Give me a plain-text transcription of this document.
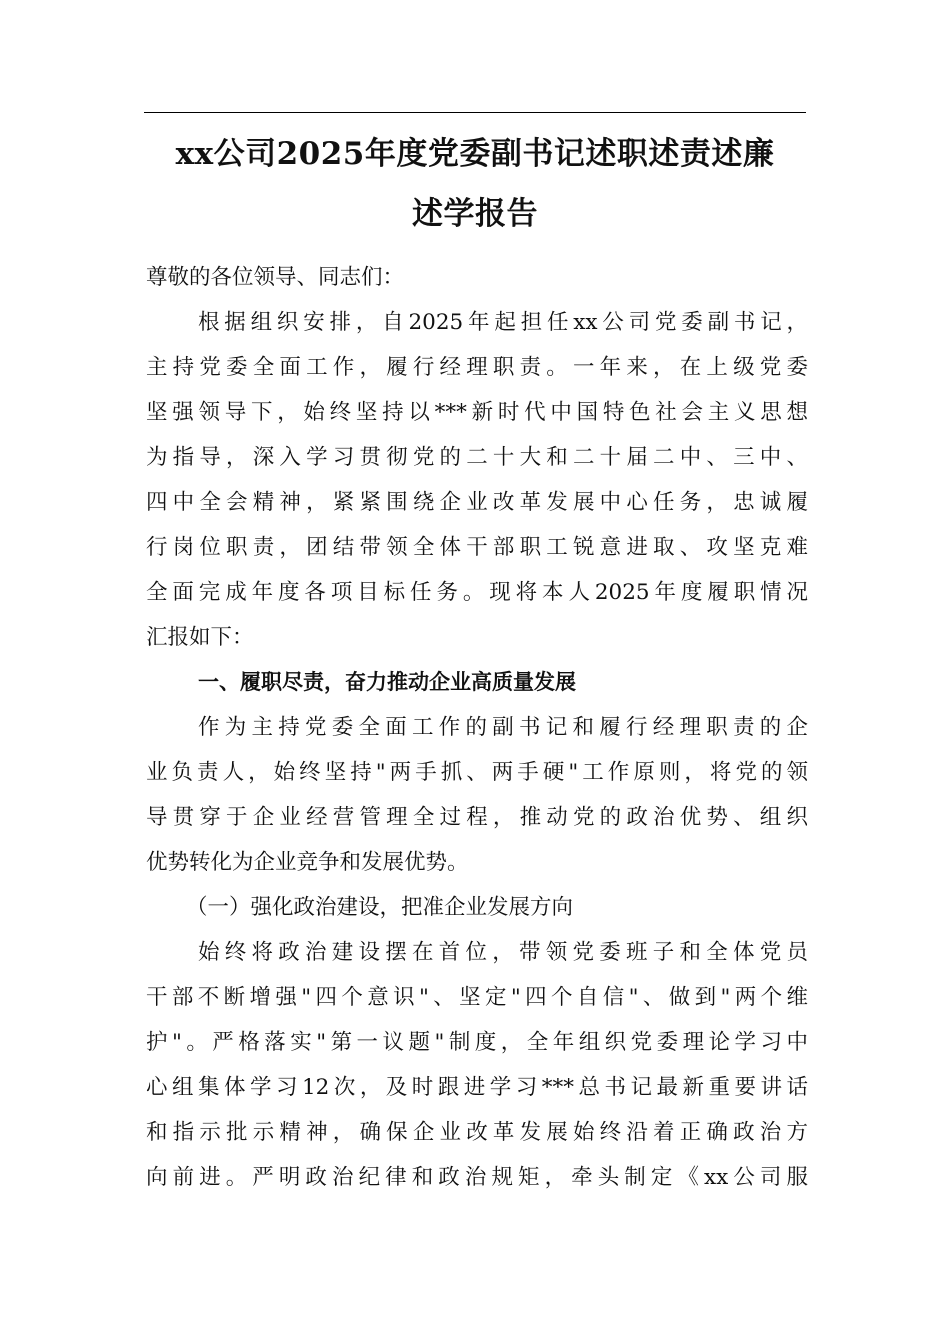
xx公司2025年度党委副书记述职述责述廉
述学报告
尊敬的各位领导、同志们：
根据组织安排，自2025年起担任xx公司党委副书记，
主持党委全面工作，履行经理职责。一年来，在上级党委
坚强领导下，始终坚持以***新时代中国特色社会主义思想
为指导，深入学习贯彻党的二十大和二十届二中、三中、
四中全会精神，紧紧围绕企业改革发展中心任务，忠诚履
行岗位职责，团结带领全体干部职工锐意进取、攻坚克难
全面完成年度各项目标任务。现将本人2025年度履职情况
汇报如下：
一、履职尽责，奋力推动企业高质量发展
作为主持党委全面工作的副书记和履行经理职责的企
业负责人，始终坚持"两手抓、两手硬"工作原则，将党的领
导贯穿于企业经营管理全过程，推动党的政治优势、组织
优势转化为企业竞争和发展优势。
（一）强化政治建设，把准企业发展方向
始终将政治建设摆在首位，带领党委班子和全体党员
干部不断增强"四个意识"、坚定"四个自信"、做到"两个维
护"。严格落实"第一议题"制度，全年组织党委理论学习中
心组集体学习12次，及时跟进学习***总书记最新重要讲话
和指示批示精神，确保企业改革发展始终沿着正确政治方
向前进。严明政治纪律和政治规矩，牵头制定《xx公司服
